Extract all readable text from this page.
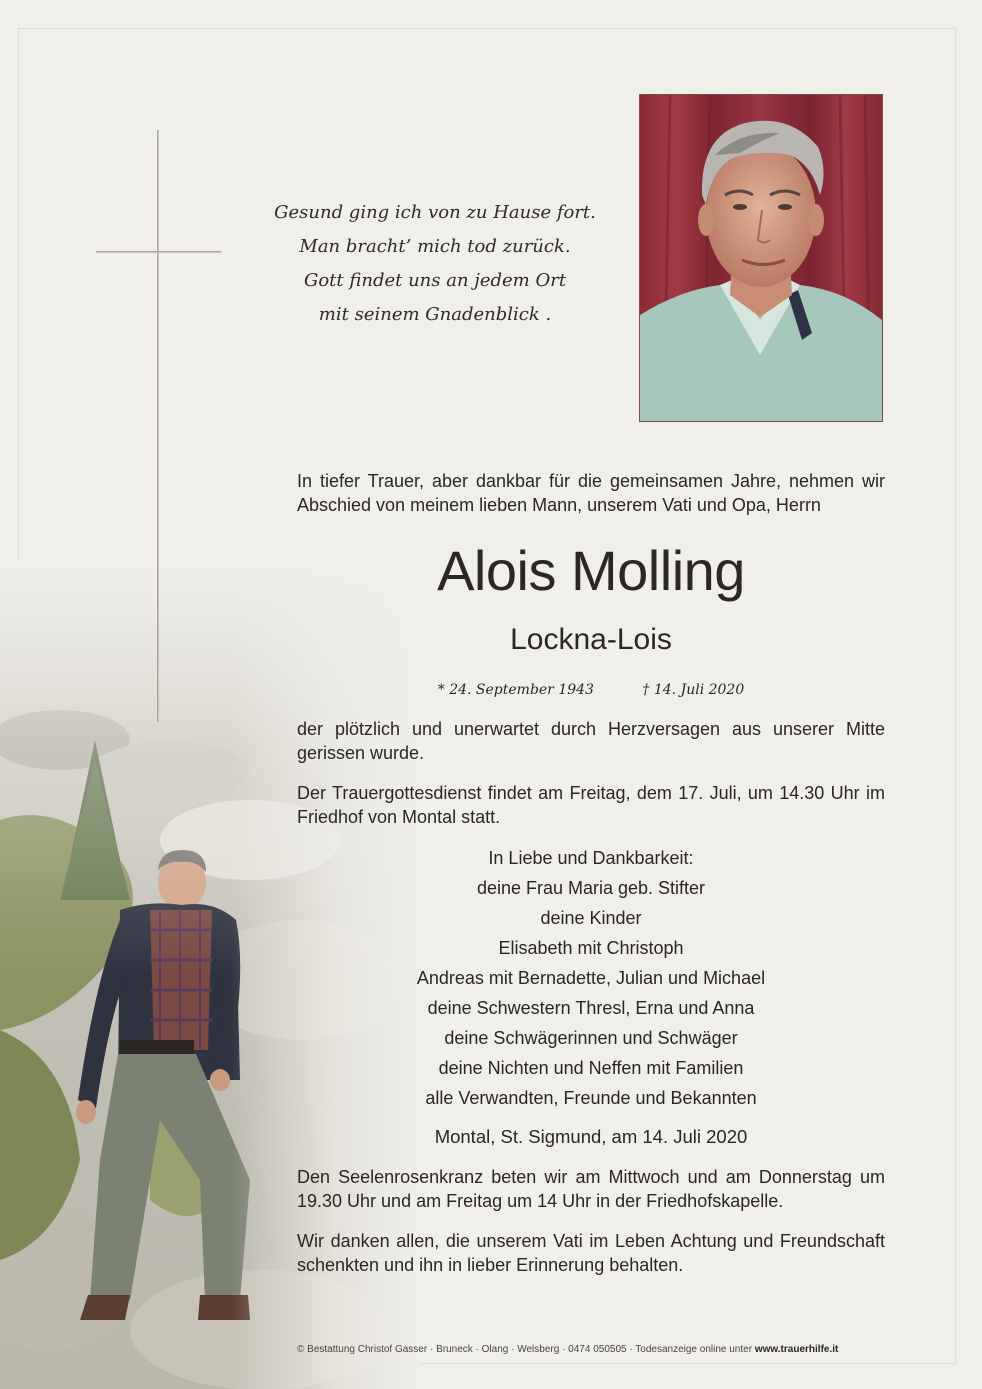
Gesund ging ich von zu Hause fort.
Man bracht’ mich tod zurück.
Gott findet uns an jedem Ort
mit seinem Gnadenblick .
In tiefer Trauer, aber dankbar für die gemeinsamen Jahre, nehmen wir Abschied von meinem lieben Mann, unserem Vati und Opa, Herrn
Alois Molling
Lockna-Lois
* 24. September 1943	† 14. Juli 2020
der plötzlich und unerwartet durch Herzversagen aus unserer Mitte gerissen wurde.
Der Trauergottesdienst findet am Freitag, dem 17. Juli, um 14.30 Uhr im Friedhof von Montal statt.
In Liebe und Dankbarkeit:
deine Frau Maria geb. Stifter
deine Kinder
Elisabeth mit Christoph
Andreas mit Bernadette, Julian und Michael
deine Schwestern Thresl, Erna und Anna
deine Schwägerinnen und Schwäger
deine Nichten und Neffen mit Familien
alle Verwandten, Freunde und Bekannten
Montal, St. Sigmund, am 14. Juli 2020
Den Seelenrosenkranz beten wir am Mittwoch und am Donnerstag um 19.30 Uhr und am Freitag um 14 Uhr in der Friedhofskapelle.
Wir danken allen, die unserem Vati im Leben Achtung und Freundschaft schenkten und ihn in lieber Erinnerung behalten.
© Bestattung Christof Gasser · Bruneck · Olang · Welsberg · 0474 050505 · Todesanzeige online unter www.trauerhilfe.it
